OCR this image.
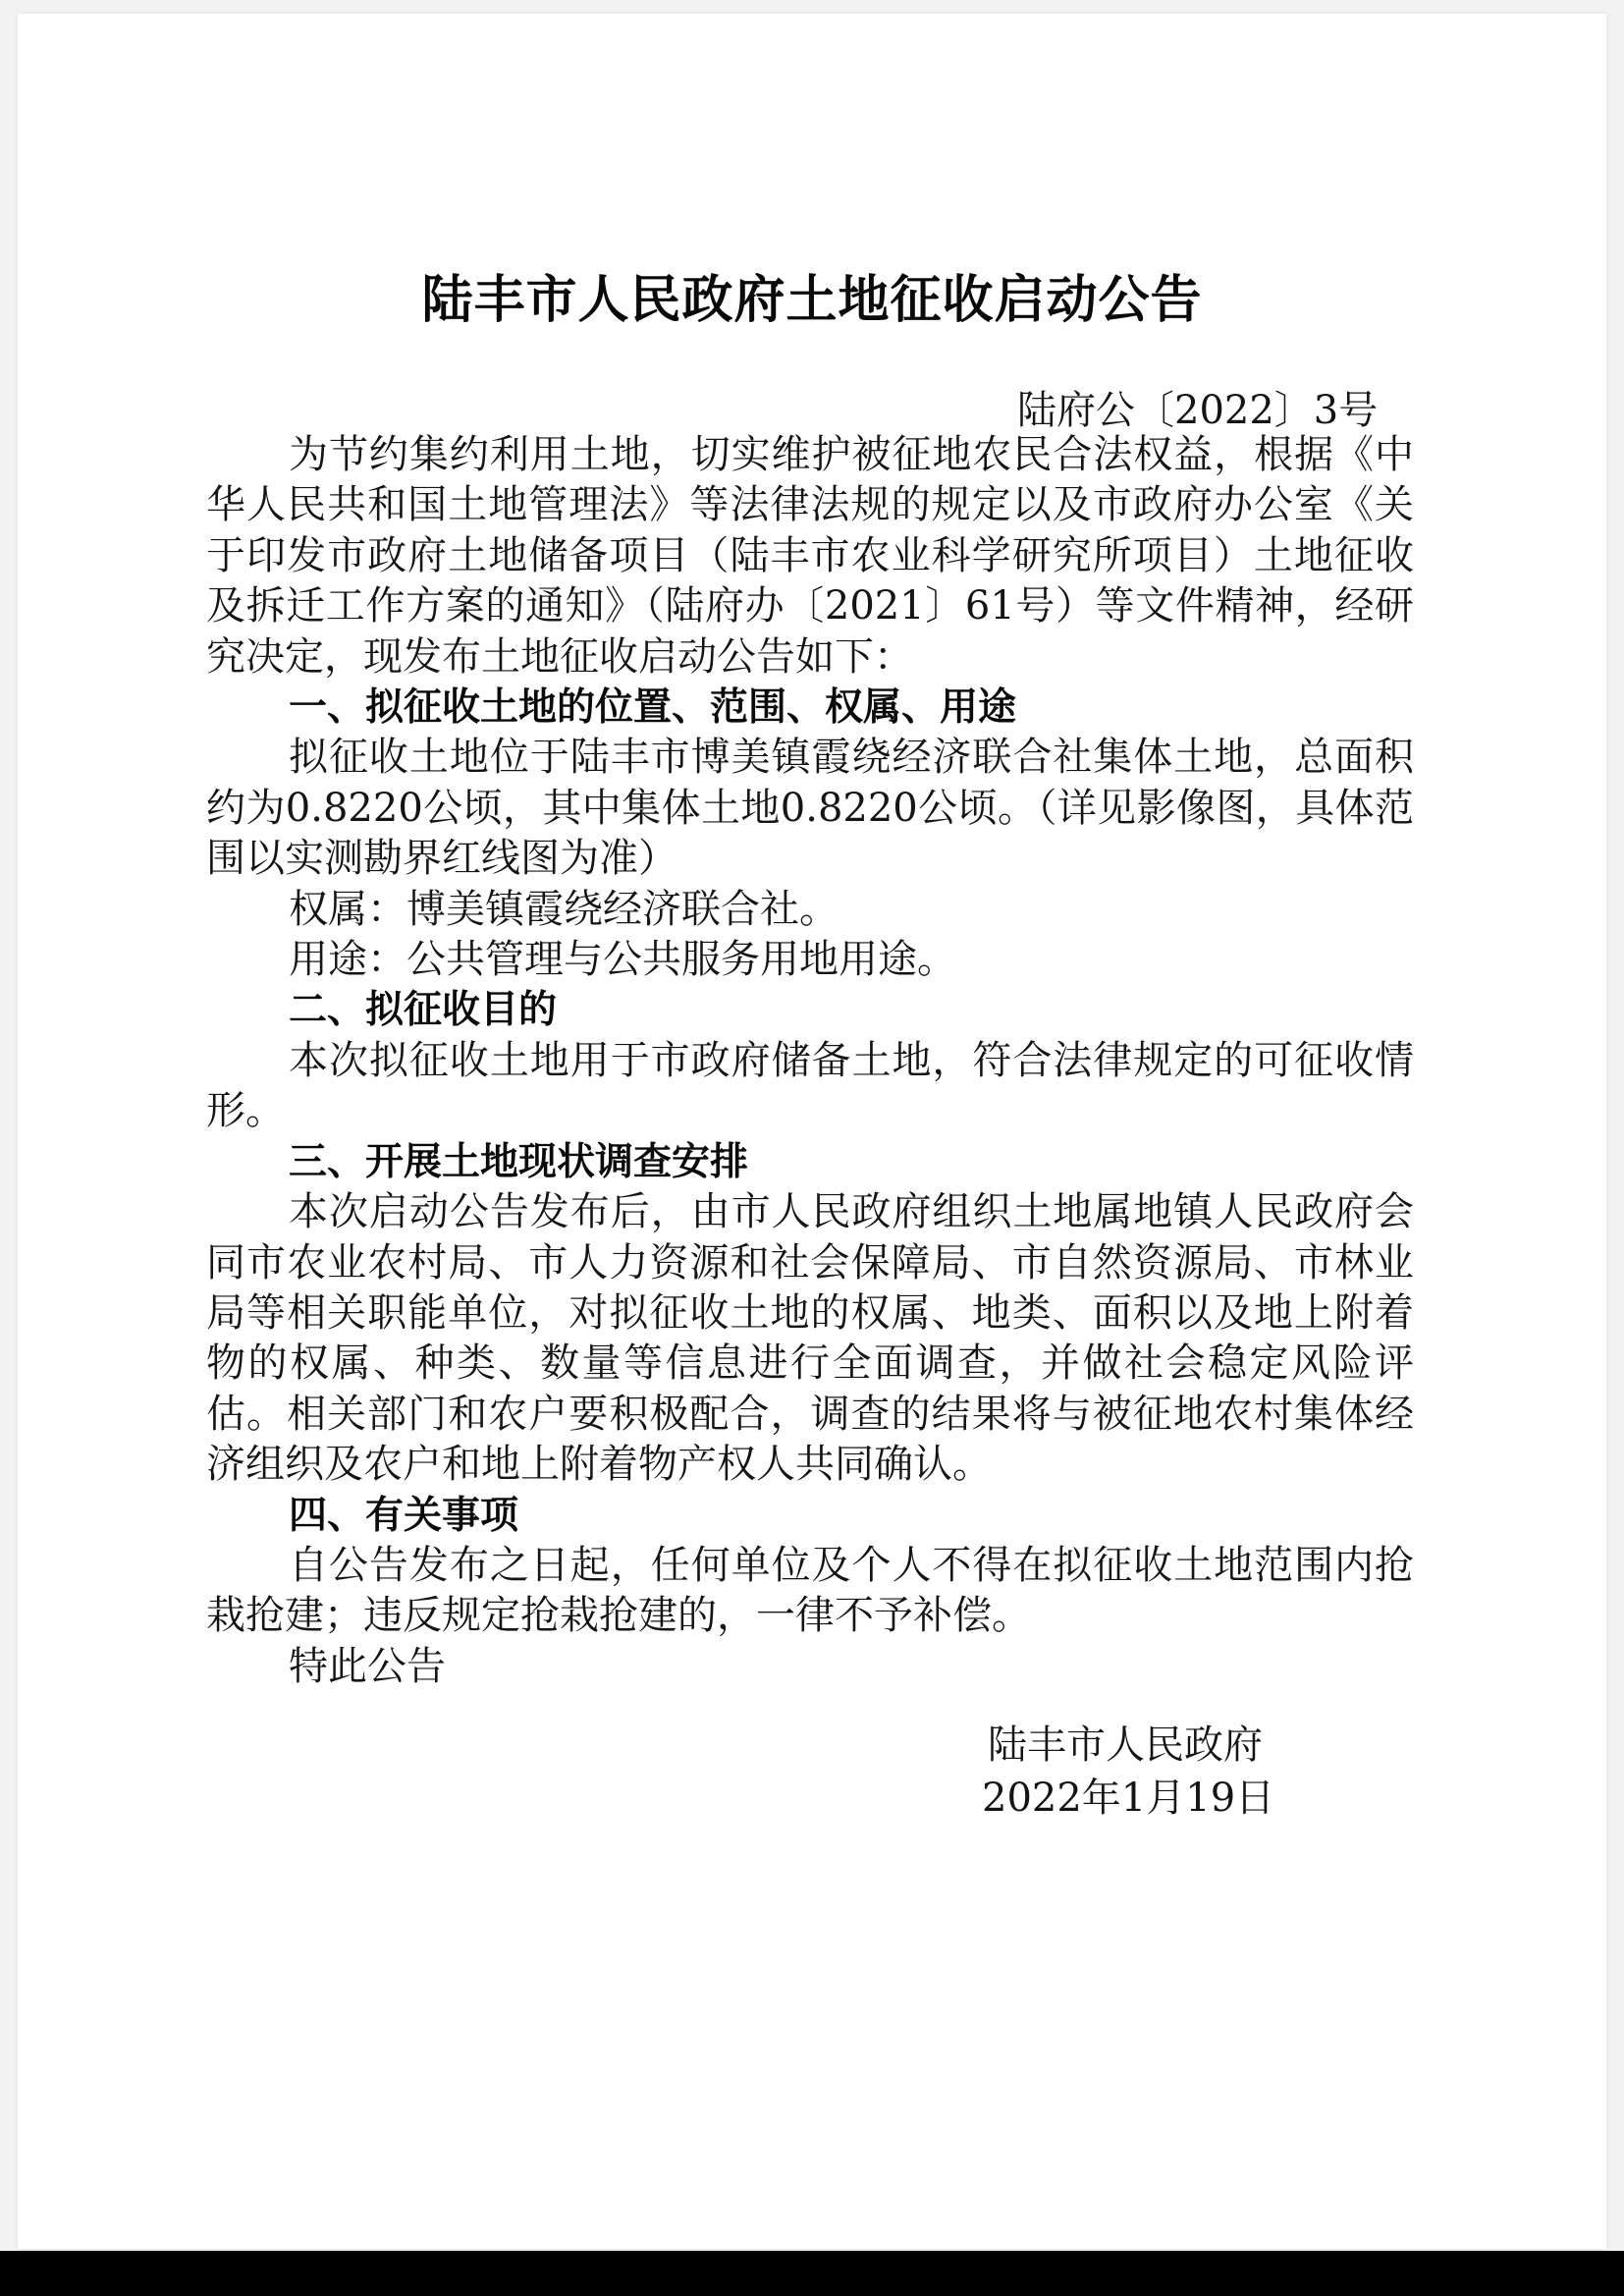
陆丰市人民政府土地征收启动公告
陆府公〔2022〕3号

为节约集约利用土地，切实维护被征地农民合法权益，根据《中华人民共和国土地管理法》等法律法规的规定以及市政府办公室《关于印发市政府土地储备项目（陆丰市农业科学研究所项目）土地征收及拆迁工作方案的通知》（陆府办〔2021〕61号）等文件精神，经研究决定，现发布土地征收启动公告如下：

一、拟征收土地的位置、范围、权属、用途

拟征收土地位于陆丰市博美镇霞绕经济联合社集体土地，总面积约为0.8220公顷，其中集体土地0.8220公顷。（详见影像图，具体范围以实测勘界红线图为准）

权属：博美镇霞绕经济联合社。

用途：公共管理与公共服务用地用途。

二、拟征收目的

本次拟征收土地用于市政府储备土地，符合法律规定的可征收情形。

三、开展土地现状调查安排

本次启动公告发布后，由市人民政府组织土地属地镇人民政府会同市农业农村局、市人力资源和社会保障局、市自然资源局、市林业局等相关职能单位，对拟征收土地的权属、地类、面积以及地上附着物的权属、种类、数量等信息进行全面调查，并做社会稳定风险评估。相关部门和农户要积极配合，调查的结果将与被征地农村集体经济组织及农户和地上附着物产权人共同确认。

四、有关事项

自公告发布之日起，任何单位及个人不得在拟征收土地范围内抢栽抢建；违反规定抢栽抢建的，一律不予补偿。

特此公告

陆丰市人民政府
2022年1月19日
